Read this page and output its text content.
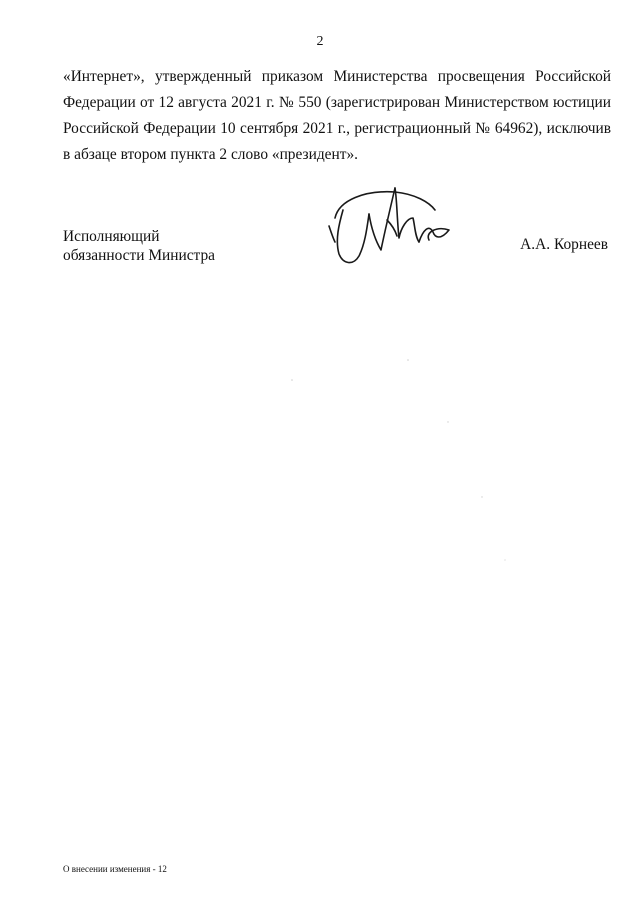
2
«Интернет», утвержденный приказом Министерства просвещения Российской
Федерации от 12 августа 2021 г. № 550 (зарегистрирован Министерством юстиции
Российской Федерации 10 сентября 2021 г., регистрационный № 64962), исключив
в абзаце втором пункта 2 слово «президент».
Исполняющий
обязанности Министра
А.А. Корнеев
О внесении изменения - 12
